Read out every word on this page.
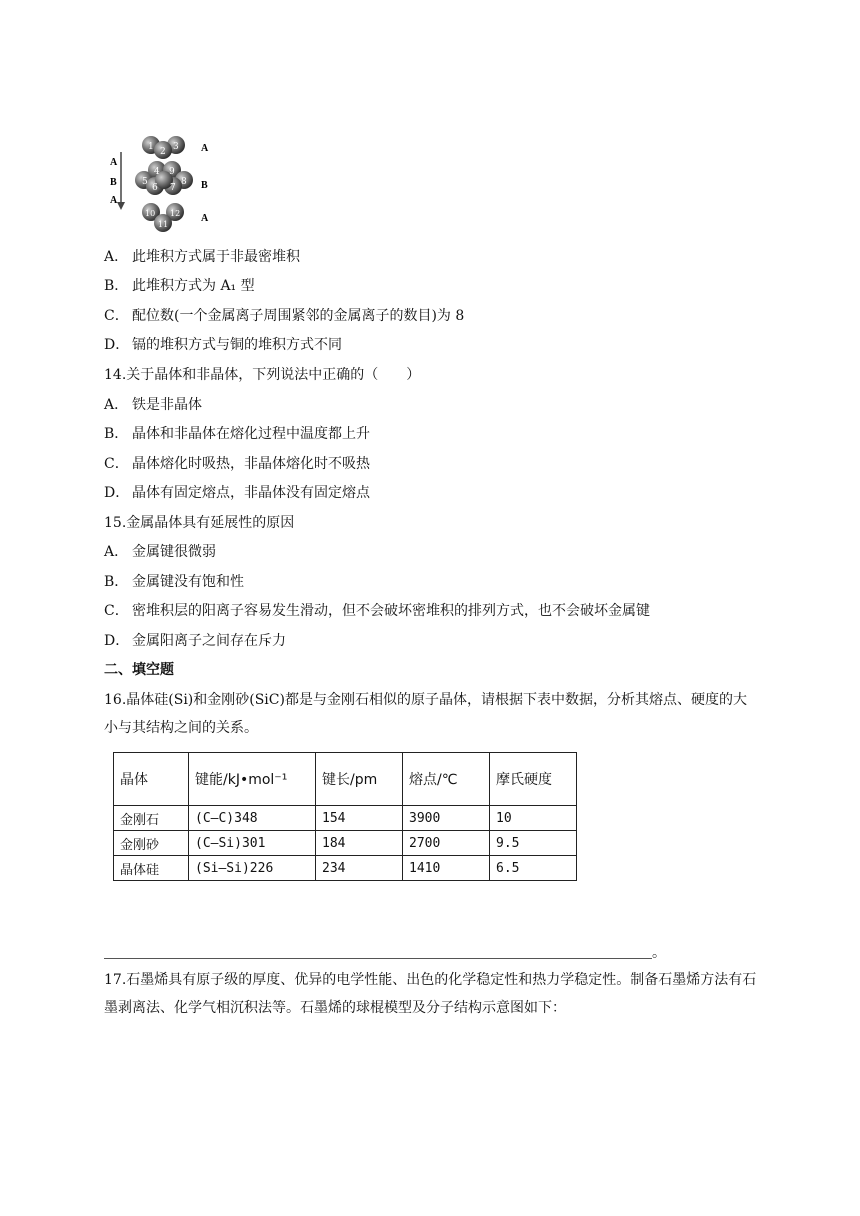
A
B
A
A
B
A
1 2 3
5
4 9
6 7
8
10 12
11
A． 此堆积方式属于非最密堆积
B． 此堆积方式为 A₁ 型
C． 配位数(一个金属离子周围紧邻的金属离子的数目)为 8
D． 镉的堆积方式与铜的堆积方式不同
14.关于晶体和非晶体，下列说法中正确的（　　）
A． 铁是非晶体
B． 晶体和非晶体在熔化过程中温度都上升
C． 晶体熔化时吸热，非晶体熔化时不吸热
D． 晶体有固定熔点，非晶体没有固定熔点
15.金属晶体具有延展性的原因
A． 金属键很微弱
B． 金属键没有饱和性
C． 密堆积层的阳离子容易发生滑动，但不会破坏密堆积的排列方式，也不会破坏金属键
D． 金属阳离子之间存在斥力
二、填空题
16.晶体硅(Si)和金刚砂(SiC)都是与金刚石相似的原子晶体，请根据下表中数据，分析其熔点、硬度的大小与其结构之间的关系。
晶体	键能/kJ•mol⁻¹	键长/pm	熔点/℃	摩氏硬度
金刚石	(C—C)348	154	3900	10
金刚砂	(C—Si)301	184	2700	9.5
晶体硅	(Si—Si)226	234	1410	6.5
。
17.石墨烯具有原子级的厚度、优异的电学性能、出色的化学稳定性和热力学稳定性。制备石墨烯方法有石墨剥离法、化学气相沉积法等。石墨烯的球棍模型及分子结构示意图如下：
